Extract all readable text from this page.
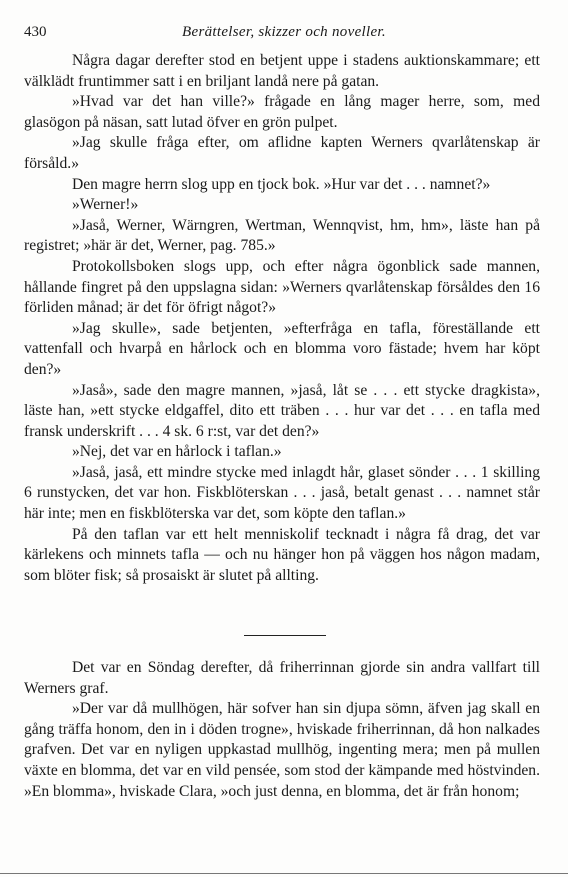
430	Berättelser, skizzer och noveller.

Några dagar derefter stod en betjent uppe i stadens auktionskammare; ett välklädt fruntimmer satt i en briljant landå nere på gatan.

»Hvad var det han ville?» frågade en lång mager herre, som, med glasögon på näsan, satt lutad öfver en grön pulpet.

»Jag skulle fråga efter, om aflidne kapten Werners qvarlåtenskap är försåld.»

Den magre herrn slog upp en tjock bok. »Hur var det . . . namnet?»

»Werner!»

»Jaså, Werner, Wärngren, Wertman, Wennqvist, hm, hm», läste han på registret; »här är det, Werner, pag. 785.»

Protokollsboken slogs upp, och efter några ögonblick sade mannen, hållande fingret på den uppslagna sidan: »Werners qvarlåtenskap försåldes den 16 förliden månad; är det för öfrigt något?»

»Jag skulle», sade betjenten, »efterfråga en tafla, föreställande ett vattenfall och hvarpå en hårlock och en blomma voro fästade; hvem har köpt den?»

»Jaså», sade den magre mannen, »jaså, låt se . . . ett stycke dragkista», läste han, »ett stycke eldgaffel, dito ett träben . . . hur var det . . . en tafla med fransk underskrift . . . 4 sk. 6 r:st, var det den?»

»Nej, det var en hårlock i taflan.»

»Jaså, jaså, ett mindre stycke med inlagdt hår, glaset sönder . . . 1 skilling 6 runstycken, det var hon. Fiskblöterskan . . . jaså, betalt genast . . . namnet står här inte; men en fiskblöterska var det, som köpte den taflan.»

På den taflan var ett helt menniskolif tecknadt i några få drag, det var kärlekens och minnets tafla — och nu hänger hon på väggen hos någon madam, som blöter fisk; så prosaiskt är slutet på allting.

Det var en Söndag derefter, då friherrinnan gjorde sin andra vallfart till Werners graf.

»Der var då mullhögen, här sofver han sin djupa sömn, äfven jag skall en gång träffa honom, den in i döden trogne», hviskade friherrinnan, då hon nalkades grafven. Det var en nyligen uppkastad mullhög, ingenting mera; men på mullen växte en blomma, det var en vild pensée, som stod der kämpande med höstvinden. »En blomma», hviskade Clara, »och just denna, en blomma, det är från honom;
